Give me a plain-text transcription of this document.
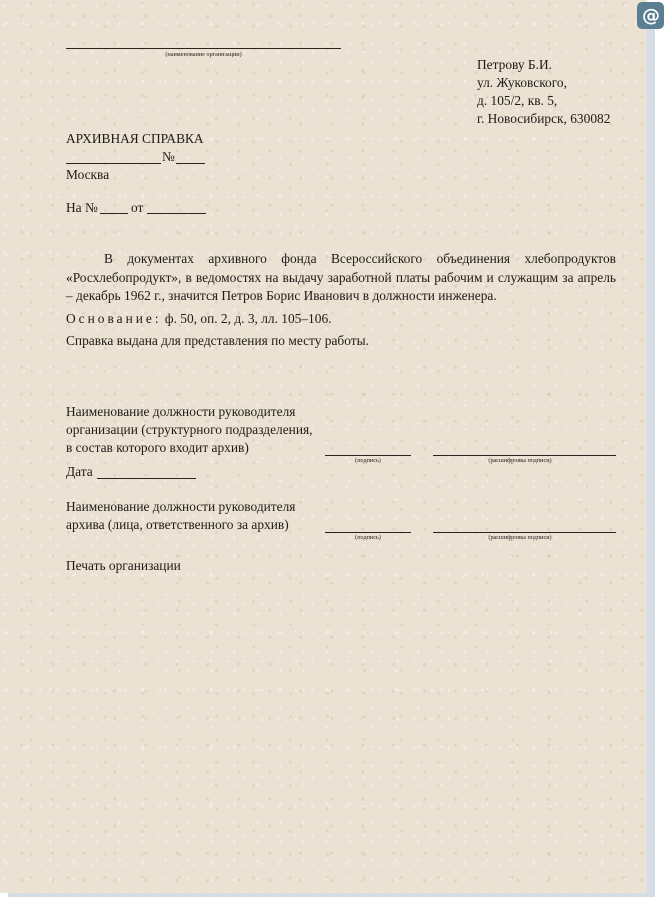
(наименование организации)
Петрову Б.И.
ул. Жуковского,
д. 105/2, кв. 5,
г. Новосибирск, 630082
АРХИВНАЯ СПРАВКА
№
Москва
На № от
В документах архивного фонда Всероссийского объединения хлебопродуктов «Росхлебопродукт», в ведомостях на выдачу заработной платы рабочим и служащим за апрель – декабрь 1962 г., значится Петров Борис Иванович в должности инженера.
Основание: ф. 50, оп. 2, д. 3, лл. 105–106.
Справка выдана для представления по месту работы.
Наименование должности руководителя
организации (структурного подразделения,
в состав которого входит архив)
(подпись)	(расшифровка подписи)
Дата
Наименование должности руководителя
архива (лица, ответственного за архив)
(подпись)	(расшифровка подписи)
Печать организации
@
